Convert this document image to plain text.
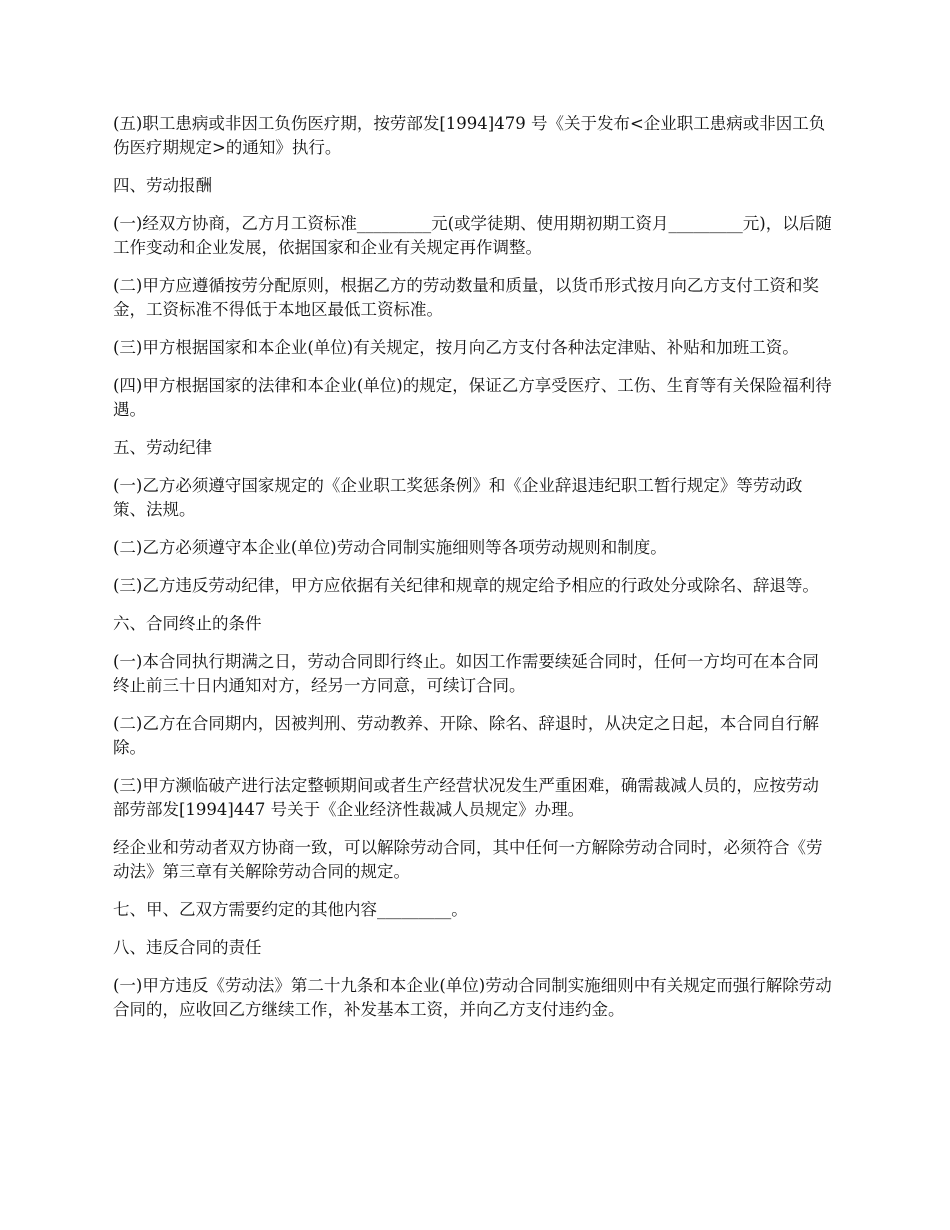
(五)职工患病或非因工负伤医疗期，按劳部发[1994]479 号《关于发布<企业职工患病或非因工负伤医疗期规定>的通知》执行。

四、劳动报酬

(一)经双方协商，乙方月工资标准_________元(或学徒期、使用期初期工资月_________元)，以后随工作变动和企业发展，依据国家和企业有关规定再作调整。

(二)甲方应遵循按劳分配原则，根据乙方的劳动数量和质量，以货币形式按月向乙方支付工资和奖金，工资标准不得低于本地区最低工资标准。

(三)甲方根据国家和本企业(单位)有关规定，按月向乙方支付各种法定津贴、补贴和加班工资。

(四)甲方根据国家的法律和本企业(单位)的规定，保证乙方享受医疗、工伤、生育等有关保险福利待遇。

五、劳动纪律

(一)乙方必须遵守国家规定的《企业职工奖惩条例》和《企业辞退违纪职工暂行规定》等劳动政策、法规。

(二)乙方必须遵守本企业(单位)劳动合同制实施细则等各项劳动规则和制度。

(三)乙方违反劳动纪律，甲方应依据有关纪律和规章的规定给予相应的行政处分或除名、辞退等。

六、合同终止的条件

(一)本合同执行期满之日，劳动合同即行终止。如因工作需要续延合同时，任何一方均可在本合同终止前三十日内通知对方，经另一方同意，可续订合同。

(二)乙方在合同期内，因被判刑、劳动教养、开除、除名、辞退时，从决定之日起，本合同自行解除。

(三)甲方濒临破产进行法定整顿期间或者生产经营状况发生严重困难，确需裁减人员的，应按劳动部劳部发[1994]447 号关于《企业经济性裁减人员规定》办理。

经企业和劳动者双方协商一致，可以解除劳动合同，其中任何一方解除劳动合同时，必须符合《劳动法》第三章有关解除劳动合同的规定。

七、甲、乙双方需要约定的其他内容_________。

八、违反合同的责任

(一)甲方违反《劳动法》第二十九条和本企业(单位)劳动合同制实施细则中有关规定而强行解除劳动合同的，应收回乙方继续工作，补发基本工资，并向乙方支付违约金。
